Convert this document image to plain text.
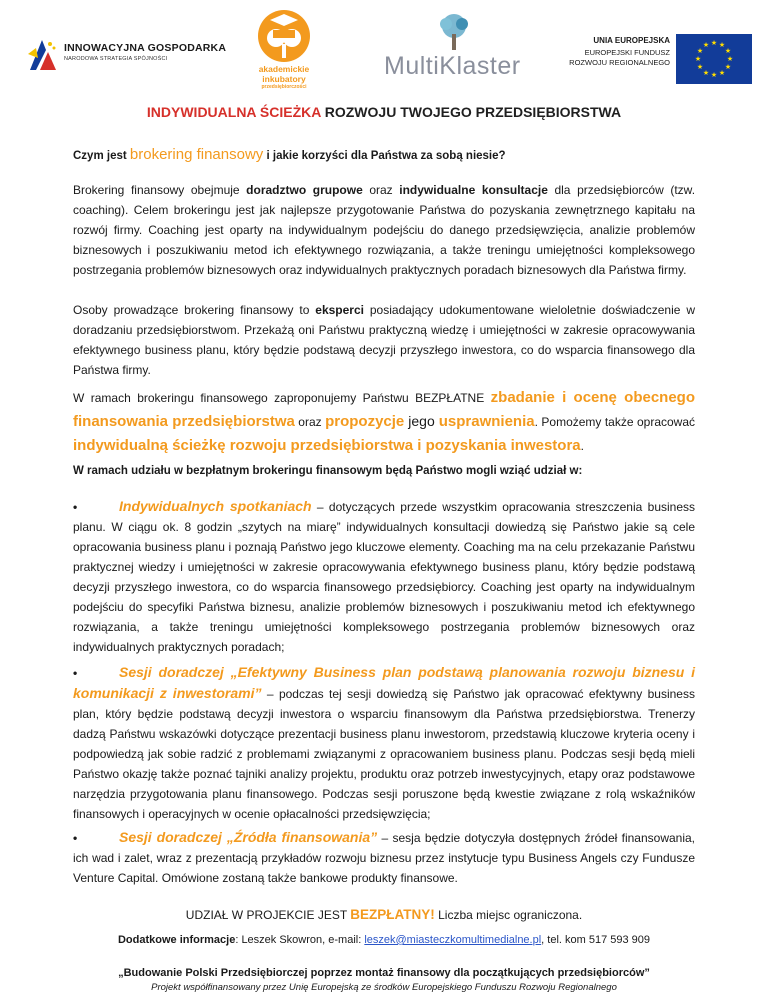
INNOWACYJNA GOSPODARKA
NARODOWA STRATEGIA SPÓJNOŚCI
akademickie
inkubatory
przedsiębiorczości
MultiKlaster
UNIA EUROPEJSKA
EUROPEJSKI FUNDUSZ
ROZWOJU REGIONALNEGO
★ ★
★
★
★
★
★
★
★
★
★
★
INDYWIDUALNA ŚCIEŻKA ROZWOJU TWOJEGO PRZEDSIĘBIORSTWA
Czym jest brokering finansowy i jakie korzyści dla Państwa za sobą niesie?
Brokering finansowy obejmuje doradztwo grupowe oraz indywidualne konsultacje dla przedsiębiorców (tzw. coaching). Celem brokeringu jest jak najlepsze przygotowanie Państwa do pozyskania zewnętrznego kapitału na rozwój firmy. Coaching jest oparty na indywidualnym podejściu do danego przedsięwzięcia, analizie problemów biznesowych i poszukiwaniu metod ich efektywnego rozwiązania, a także treningu umiejętności kompleksowego postrzegania problemów biznesowych oraz indywidualnych praktycznych poradach biznesowych dla Państwa firmy.
Osoby prowadzące brokering finansowy to eksperci posiadający udokumentowane wieloletnie doświadczenie w doradzaniu przedsiębiorstwom. Przekażą oni Państwu praktyczną wiedzę i umiejętności w zakresie opracowywania efektywnego business planu, który będzie podstawą decyzji przyszłego inwestora, co do wsparcia finansowego dla Państwa firmy.
W ramach brokeringu finansowego zaproponujemy Państwu BEZPŁATNE zbadanie i ocenę obecnego finansowania przedsiębiorstwa oraz propozycje jego usprawnienia. Pomożemy także opracować indywidualną ścieżkę rozwoju przedsiębiorstwa i pozyskania inwestora.
W ramach udziału w bezpłatnym brokeringu finansowym będą Państwo mogli wziąć udział w:
•	Indywidualnych spotkaniach – dotyczących przede wszystkim opracowania streszczenia business planu. W ciągu ok. 8 godzin „szytych na miarę” indywidualnych konsultacji dowiedzą się Państwo jakie są cele opracowania business planu i poznają Państwo jego kluczowe elementy. Coaching ma na celu przekazanie Państwu praktycznej wiedzy i umiejętności w zakresie opracowywania efektywnego business planu, który będzie podstawą decyzji przyszłego inwestora, co do wsparcia finansowego przedsiębiorcy. Coaching jest oparty na indywidualnym podejściu do specyfiki Państwa biznesu, analizie problemów biznesowych i poszukiwaniu metod ich efektywnego rozwiązania, a także treningu umiejętności kompleksowego postrzegania problemów biznesowych oraz indywidualnych praktycznych poradach;
•	Sesji doradczej „Efektywny Business plan podstawą planowania rozwoju biznesu i komunikacji z inwestorami” – podczas tej sesji dowiedzą się Państwo jak opracować efektywny business plan, który będzie podstawą decyzji inwestora o wsparciu finansowym dla Państwa przedsiębiorstwa. Trenerzy dadzą Państwu wskazówki dotyczące prezentacji business planu inwestorom, przedstawią kluczowe kryteria oceny i podpowiedzą jak sobie radzić z problemami związanymi z opracowaniem business planu. Podczas sesji będą mieli Państwo okazję także poznać tajniki analizy projektu, produktu oraz potrzeb inwestycyjnych, etapy oraz podstawowe narzędzia przygotowania planu finansowego. Podczas sesji poruszone będą kwestie związane z rolą wskaźników finansowych i operacyjnych w ocenie opłacalności przedsięwzięcia;
•	Sesji doradczej „Źródła finansowania” – sesja będzie dotyczyła dostępnych źródeł finansowania, ich wad i zalet, wraz z prezentacją przykładów rozwoju biznesu przez instytucje typu Business Angels czy Fundusze Venture Capital. Omówione zostaną także bankowe produkty finansowe.
UDZIAŁ W PROJEKCIE JEST BEZPŁATNY! Liczba miejsc ograniczona.
Dodatkowe informacje: Leszek Skowron, e-mail: leszek@miasteczkomultimedialne.pl, tel. kom 517 593 909
„Budowanie Polski Przedsiębiorczej poprzez montaż finansowy dla początkujących przedsiębiorców”
Projekt współfinansowany przez Unię Europejską ze środków Europejskiego Funduszu Rozwoju Regionalnego
